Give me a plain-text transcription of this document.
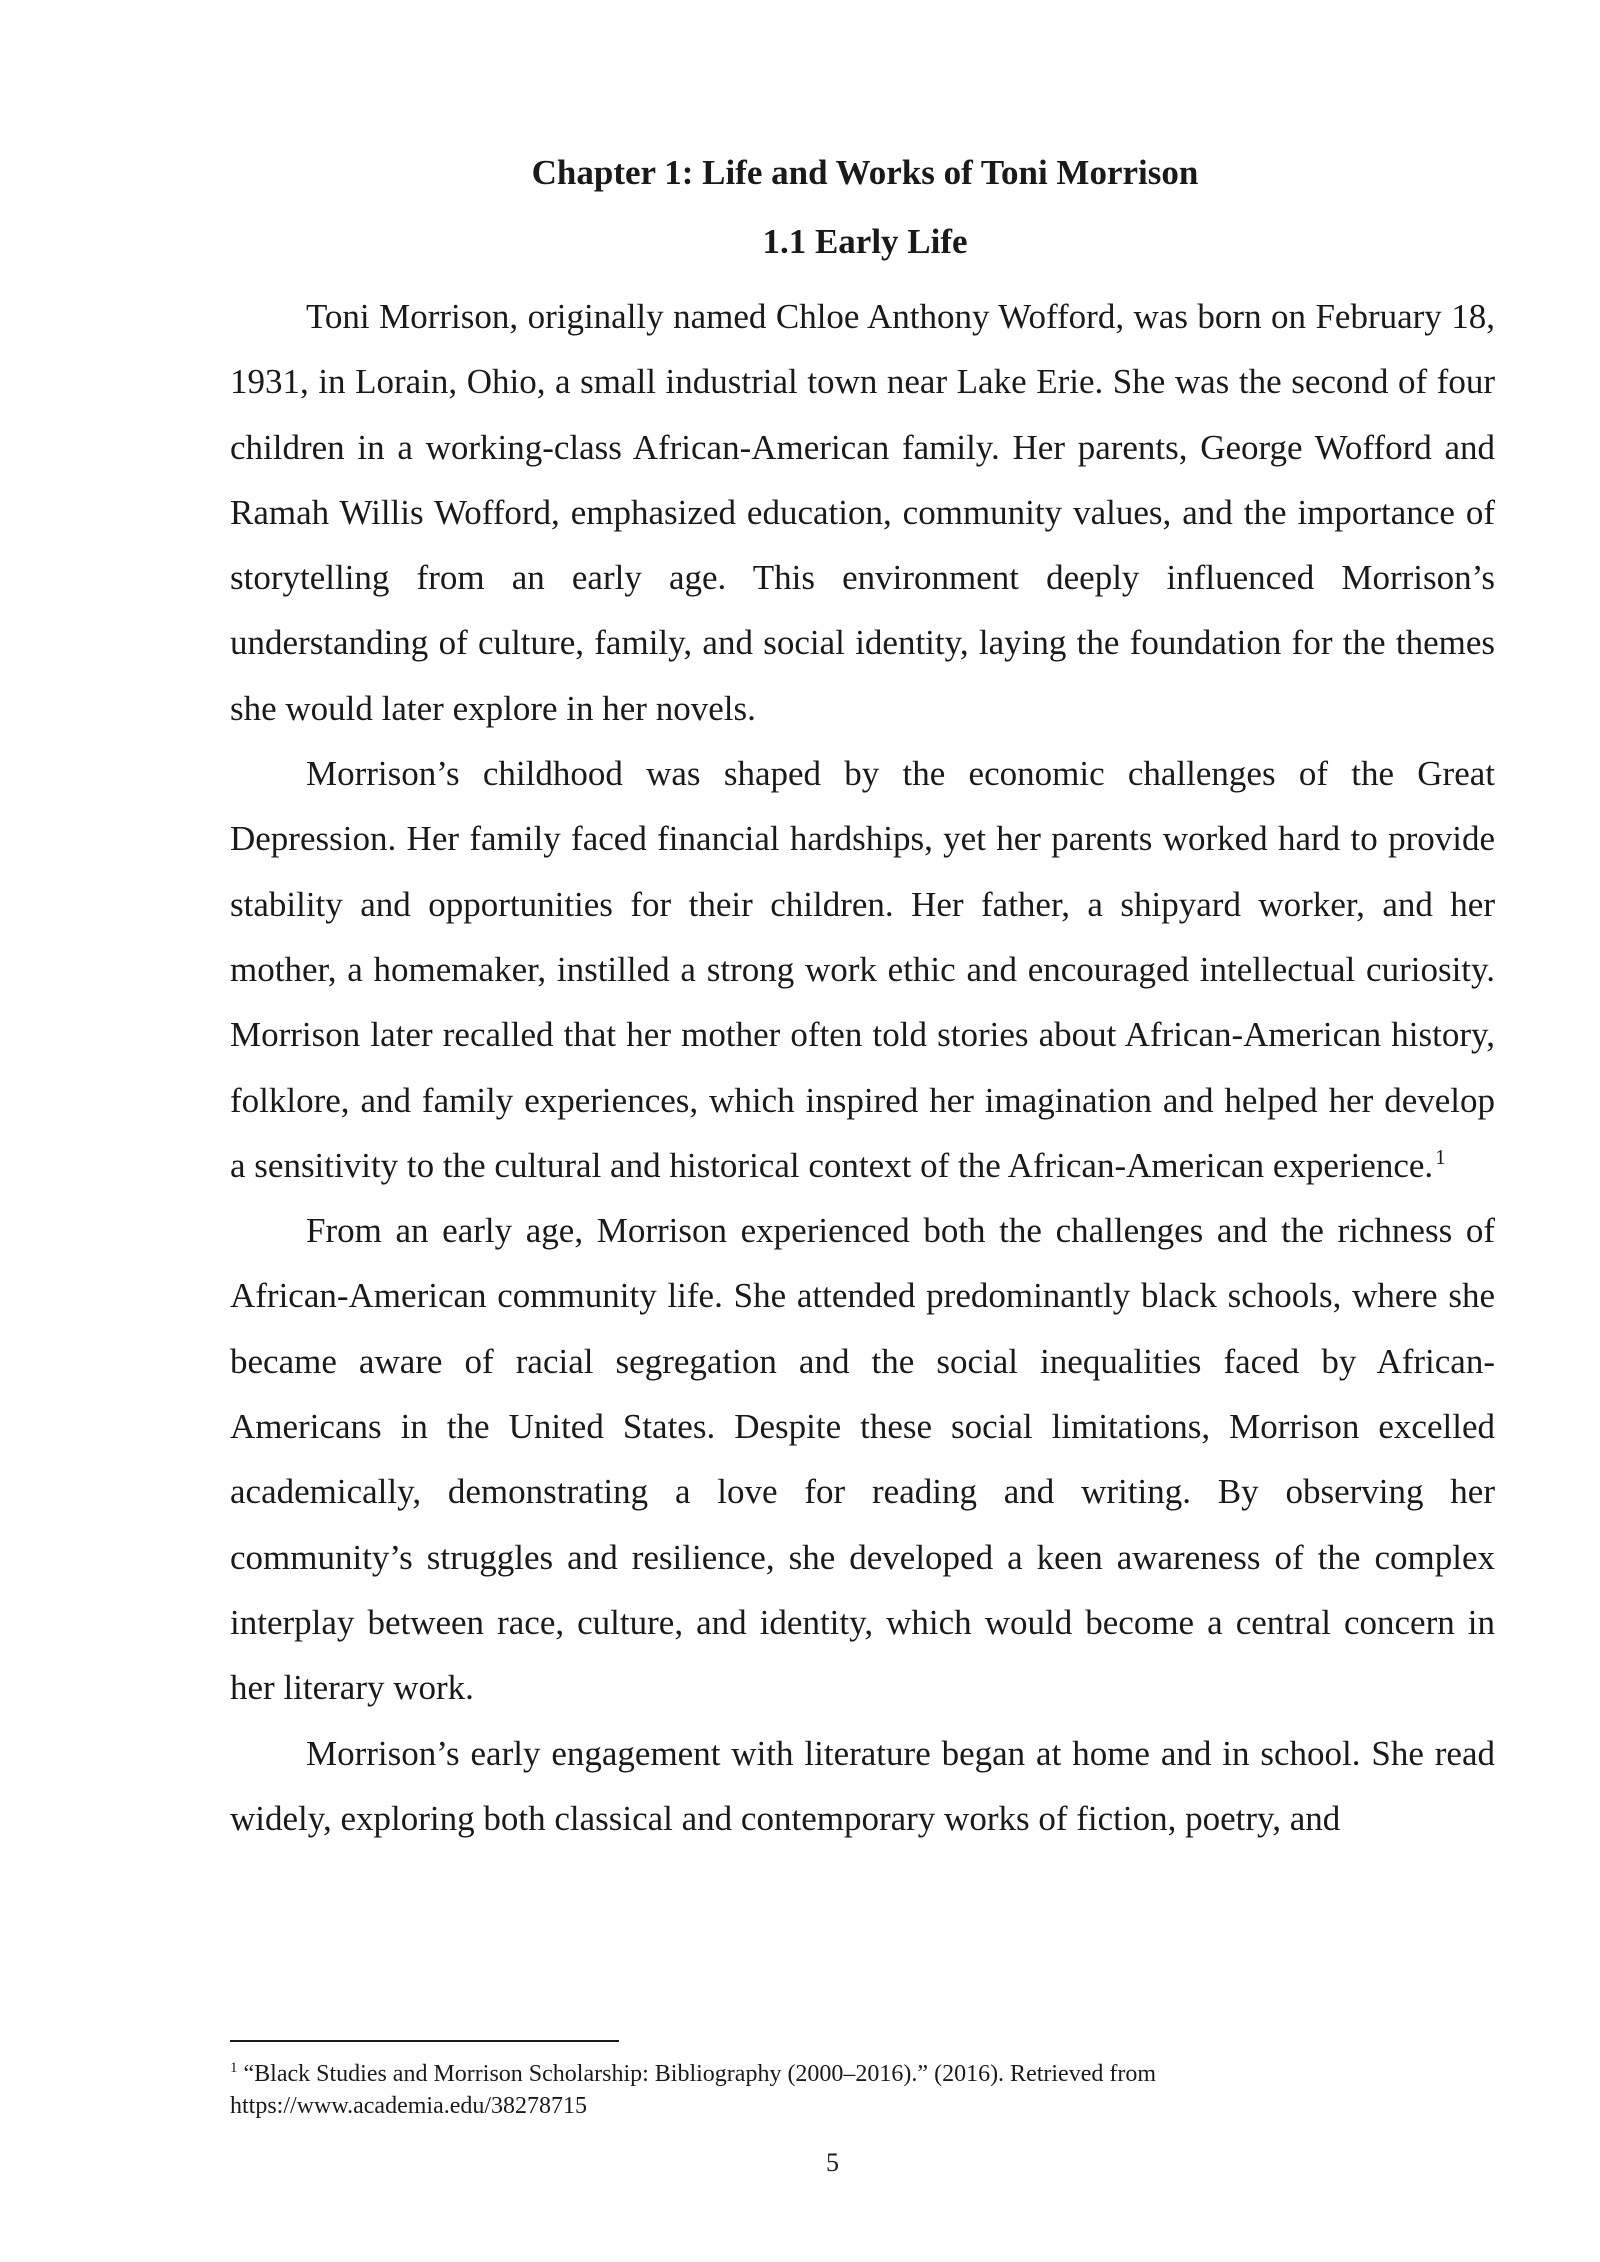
Chapter 1: Life and Works of Toni Morrison
1.1 Early Life

Toni Morrison, originally named Chloe Anthony Wofford, was born on February 18, 1931, in Lorain, Ohio, a small industrial town near Lake Erie. She was the second of four children in a working-class African-American family. Her parents, George Wofford and Ramah Willis Wofford, emphasized education, community values, and the importance of storytelling from an early age. This environment deeply influenced Morrison’s understanding of culture, family, and social identity, laying the foundation for the themes she would later explore in her novels.

Morrison’s childhood was shaped by the economic challenges of the Great Depression. Her family faced financial hardships, yet her parents worked hard to provide stability and opportunities for their children. Her father, a shipyard worker, and her mother, a homemaker, instilled a strong work ethic and encouraged intellectual curiosity. Morrison later recalled that her mother often told stories about African-American history, folklore, and family experiences, which inspired her imagination and helped her develop a sensitivity to the cultural and historical context of the African-American experience.$^1$

From an early age, Morrison experienced both the challenges and the richness of African-American community life. She attended predominantly black schools, where she became aware of racial segregation and the social inequalities faced by African-Americans in the United States. Despite these social limitations, Morrison excelled academically, demonstrating a love for reading and writing. By observing her community’s struggles and resilience, she developed a keen awareness of the complex interplay between race, culture, and identity, which would become a central concern in her literary work.

Morrison’s early engagement with literature began at home and in school. She read widely, exploring both classical and contemporary works of fiction, poetry, and

$^1$ “Black Studies and Morrison Scholarship: Bibliography (2000–2016).” (2016). Retrieved from https://www.academia.edu/38278715

5
